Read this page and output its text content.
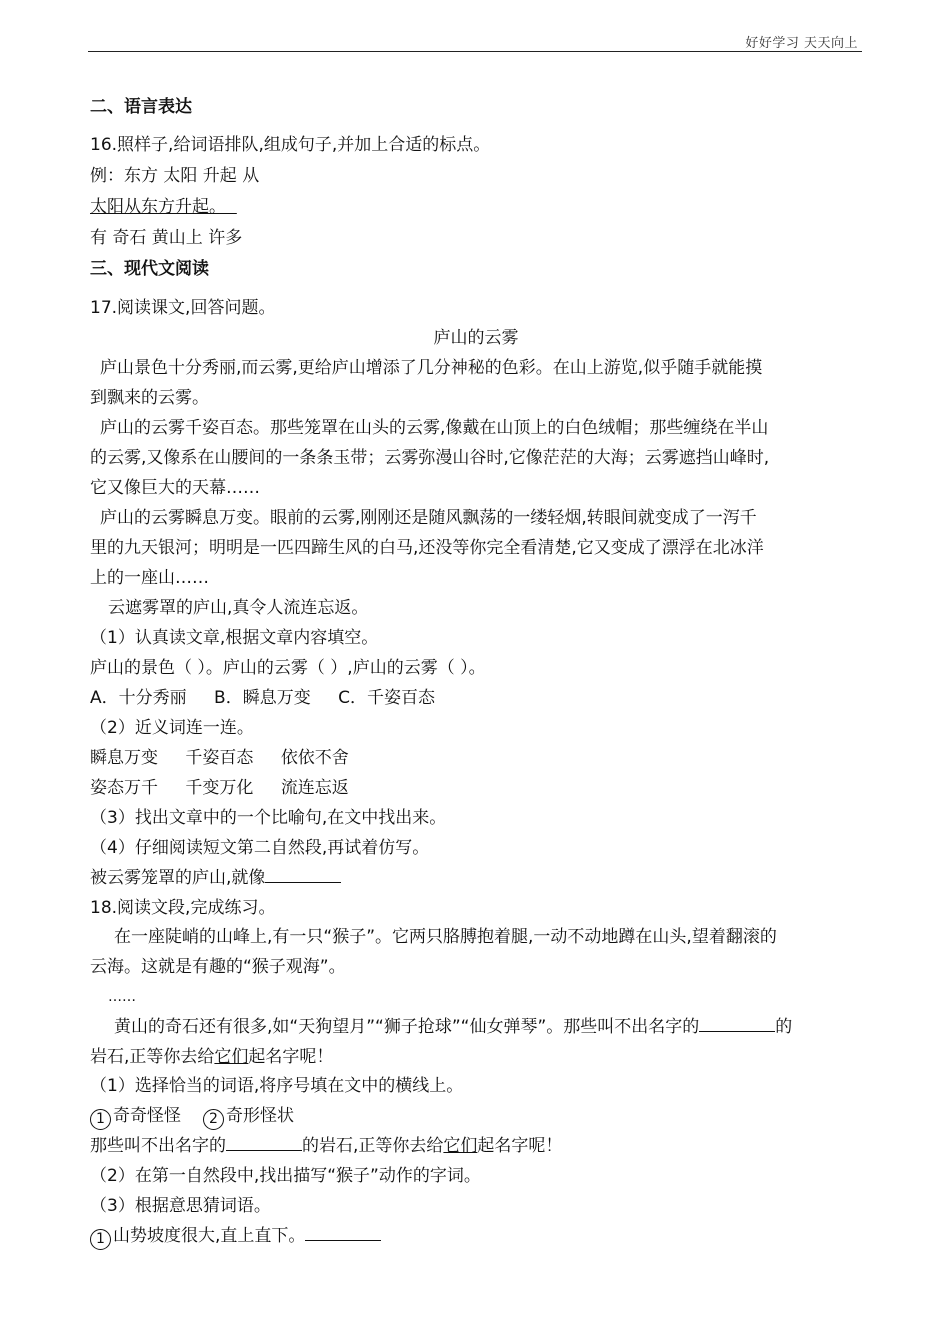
好好学习 天天向上
二、语言表达
16.照样子,给词语排队,组成句子,并加上合适的标点。
例：东方 太阳 升起 从
太阳从东方升起。
有 奇石 黄山上 许多
三、现代文阅读
17.阅读课文,回答问题。
庐山的云雾
庐山景色十分秀丽,而云雾,更给庐山增添了几分神秘的色彩。在山上游览,似乎随手就能摸
到飘来的云雾。
庐山的云雾千姿百态。那些笼罩在山头的云雾,像戴在山顶上的白色绒帽；那些缠绕在半山
的云雾,又像系在山腰间的一条条玉带；云雾弥漫山谷时,它像茫茫的大海；云雾遮挡山峰时,
它又像巨大的天幕……
庐山的云雾瞬息万变。眼前的云雾,刚刚还是随风飘荡的一缕轻烟,转眼间就变成了一泻千
里的九天银河；明明是一匹四蹄生风的白马,还没等你完全看清楚,它又变成了漂浮在北冰洋
上的一座山……
云遮雾罩的庐山,真令人流连忘返。
（1）认真读文章,根据文章内容填空。
庐山的景色（ ）。庐山的云雾（ ）,庐山的云雾（ ）。
A．十分秀丽 B．瞬息万变 C．千姿百态
（2）近义词连一连。
瞬息万变 千姿百态 依依不舍
姿态万千 千变万化 流连忘返
（3）找出文章中的一个比喻句,在文中找出来。
（4）仔细阅读短文第二自然段,再试着仿写。
被云雾笼罩的庐山,就像
18.阅读文段,完成练习。
在一座陡峭的山峰上,有一只“猴子”。它两只胳膊抱着腿,一动不动地蹲在山头,望着翻滚的
云海。这就是有趣的“猴子观海”。
……
黄山的奇石还有很多,如“天狗望月”“狮子抢球”“仙女弹琴”。那些叫不出名字的	的
岩石,正等你去给它们起名字呢！
（1）选择恰当的词语,将序号填在文中的横线上。
1 奇奇怪怪 2 奇形怪状
那些叫不出名字的	的岩石,正等你去给它们起名字呢！
（2）在第一自然段中,找出描写“猴子”动作的字词。
（3）根据意思猜词语。
1 山势坡度很大,直上直下。
